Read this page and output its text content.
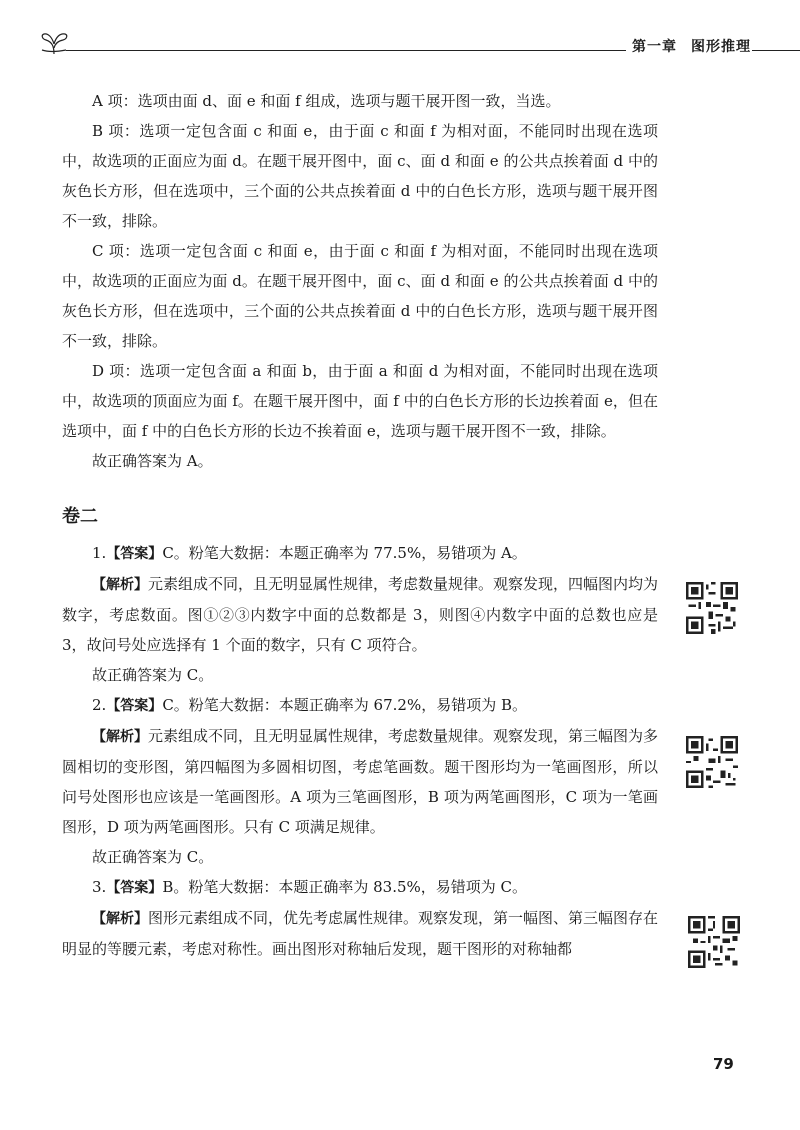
第一章 图形推理

A 项：选项由面 d、面 e 和面 f 组成，选项与题干展开图一致，当选。

B 项：选项一定包含面 c 和面 e，由于面 c 和面 f 为相对面，不能同时出现在选项中，故选项的正面应为面 d。在题干展开图中，面 c、面 d 和面 e 的公共点挨着面 d 中的灰色长方形，但在选项中，三个面的公共点挨着面 d 中的白色长方形，选项与题干展开图不一致，排除。

C 项：选项一定包含面 c 和面 e，由于面 c 和面 f 为相对面，不能同时出现在选项中，故选项的正面应为面 d。在题干展开图中，面 c、面 d 和面 e 的公共点挨着面 d 中的灰色长方形，但在选项中，三个面的公共点挨着面 d 中的白色长方形，选项与题干展开图不一致，排除。

D 项：选项一定包含面 a 和面 b，由于面 a 和面 d 为相对面，不能同时出现在选项中，故选项的顶面应为面 f。在题干展开图中，面 f 中的白色长方形的长边挨着面 e，但在选项中，面 f 中的白色长方形的长边不挨着面 e，选项与题干展开图不一致，排除。

故正确答案为 A。

卷二

1.【答案】C。粉笔大数据：本题正确率为 77.5%，易错项为 A。

【解析】元素组成不同，且无明显属性规律，考虑数量规律。观察发现，四幅图内均为数字，考虑数面。图①②③内数字中面的总数都是 3，则图④内数字中面的总数也应是 3，故问号处应选择有 1 个面的数字，只有 C 项符合。

故正确答案为 C。

2.【答案】C。粉笔大数据：本题正确率为 67.2%，易错项为 B。

【解析】元素组成不同，且无明显属性规律，考虑数量规律。观察发现，第三幅图为多圆相切的变形图，第四幅图为多圆相切图，考虑笔画数。题干图形均为一笔画图形，所以问号处图形也应该是一笔画图形。A 项为三笔画图形，B 项为两笔画图形，C 项为一笔画图形，D 项为两笔画图形。只有 C 项满足规律。

故正确答案为 C。

3.【答案】B。粉笔大数据：本题正确率为 83.5%，易错项为 C。

【解析】图形元素组成不同，优先考虑属性规律。观察发现，第一幅图、第三幅图存在明显的等腰元素，考虑对称性。画出图形对称轴后发现，题干图形的对称轴都

79
